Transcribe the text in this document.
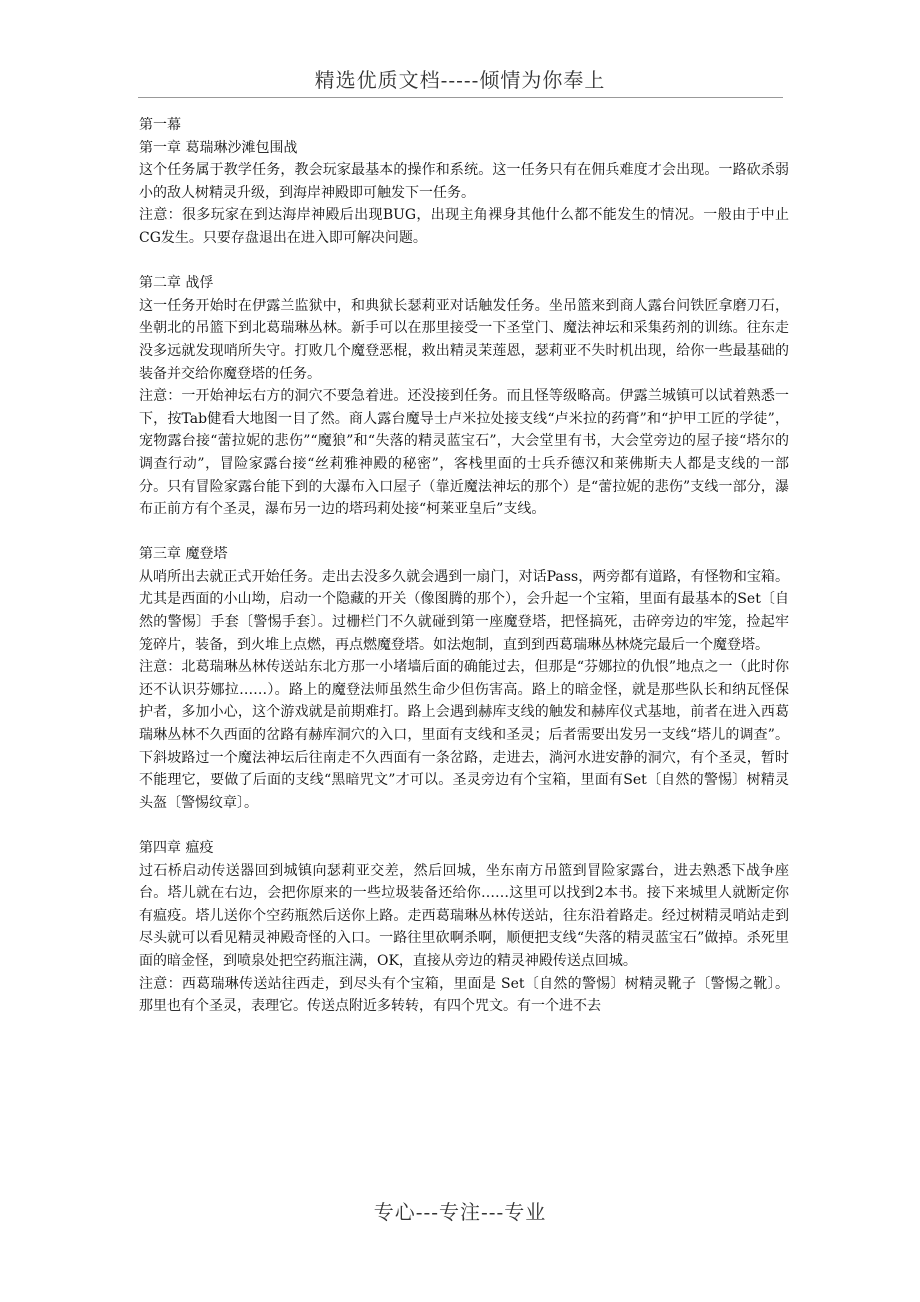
精选优质文档-----倾情为你奉上

第一幕

第一章 葛瑞琳沙滩包围战

这个任务属于教学任务，教会玩家最基本的操作和系统。这一任务只有在佣兵难度才会出现。一路砍杀弱小的敌人树精灵升级，到海岸神殿即可触发下一任务。

注意：很多玩家在到达海岸神殿后出现BUG，出现主角裸身其他什么都不能发生的情况。一般由于中止CG发生。只要存盘退出在进入即可解决问题。

第二章 战俘

这一任务开始时在伊露兰监狱中，和典狱长瑟莉亚对话触发任务。坐吊篮来到商人露台问铁匠拿磨刀石，坐朝北的吊篮下到北葛瑞琳丛林。新手可以在那里接受一下圣堂门、魔法神坛和采集药剂的训练。往东走没多远就发现哨所失守。打败几个魔登恶棍，救出精灵茉莲恩，瑟莉亚不失时机出现，给你一些最基础的装备并交给你魔登塔的任务。

注意：一开始神坛右方的洞穴不要急着进。还没接到任务。而且怪等级略高。伊露兰城镇可以试着熟悉一下，按Tab健看大地图一目了然。商人露台魔导士卢米拉处接支线“卢米拉的药膏”和“护甲工匠的学徒”，宠物露台接“蕾拉妮的悲伤”“魔狼”和“失落的精灵蓝宝石”，大会堂里有书，大会堂旁边的屋子接“塔尔的调查行动”，冒险家露台接“丝莉雅神殿的秘密”，客栈里面的士兵乔德汉和莱佛斯夫人都是支线的一部分。只有冒险家露台能下到的大瀑布入口屋子（靠近魔法神坛的那个）是“蕾拉妮的悲伤”支线一部分，瀑布正前方有个圣灵，瀑布另一边的塔玛莉处接“柯莱亚皇后”支线。

第三章 魔登塔

从哨所出去就正式开始任务。走出去没多久就会遇到一扇门，对话Pass，两旁都有道路，有怪物和宝箱。尤其是西面的小山坳，启动一个隐藏的开关（像图腾的那个），会升起一个宝箱，里面有最基本的Set〔自然的警惕〕手套〔警惕手套〕。过栅栏门不久就碰到第一座魔登塔，把怪搞死，击碎旁边的牢笼，捡起牢笼碎片，装备，到火堆上点燃，再点燃魔登塔。如法炮制，直到到西葛瑞琳丛林烧完最后一个魔登塔。

注意：北葛瑞琳丛林传送站东北方那一小堵墙后面的确能过去，但那是“芬娜拉的仇恨”地点之一（此时你还不认识芬娜拉……）。路上的魔登法师虽然生命少但伤害高。路上的暗金怪，就是那些队长和纳瓦怪保护者，多加小心，这个游戏就是前期难打。路上会遇到赫库支线的触发和赫库仪式基地，前者在进入西葛瑞琳丛林不久西面的岔路有赫库洞穴的入口，里面有支线和圣灵；后者需要出发另一支线“塔儿的调查”。下斜坡路过一个魔法神坛后往南走不久西面有一条岔路，走进去，淌河水进安静的洞穴，有个圣灵，暂时不能理它，要做了后面的支线“黑暗咒文”才可以。圣灵旁边有个宝箱，里面有Set〔自然的警惕〕树精灵头盔〔警惕纹章〕。

第四章 瘟疫

过石桥启动传送器回到城镇向瑟莉亚交差，然后回城，坐东南方吊篮到冒险家露台，进去熟悉下战争座台。塔儿就在右边，会把你原来的一些垃圾装备还给你……这里可以找到2本书。接下来城里人就断定你有瘟疫。塔儿送你个空药瓶然后送你上路。走西葛瑞琳丛林传送站，往东沿着路走。经过树精灵哨站走到尽头就可以看见精灵神殿奇怪的入口。一路往里砍啊杀啊，顺便把支线“失落的精灵蓝宝石”做掉。杀死里面的暗金怪，到喷泉处把空药瓶注满，OK，直接从旁边的精灵神殿传送点回城。

注意：西葛瑞琳传送站往西走，到尽头有个宝箱，里面是 Set〔自然的警惕〕树精灵靴子〔警惕之靴〕。那里也有个圣灵，表理它。传送点附近多转转，有四个咒文。有一个进不去

专心---专注---专业
